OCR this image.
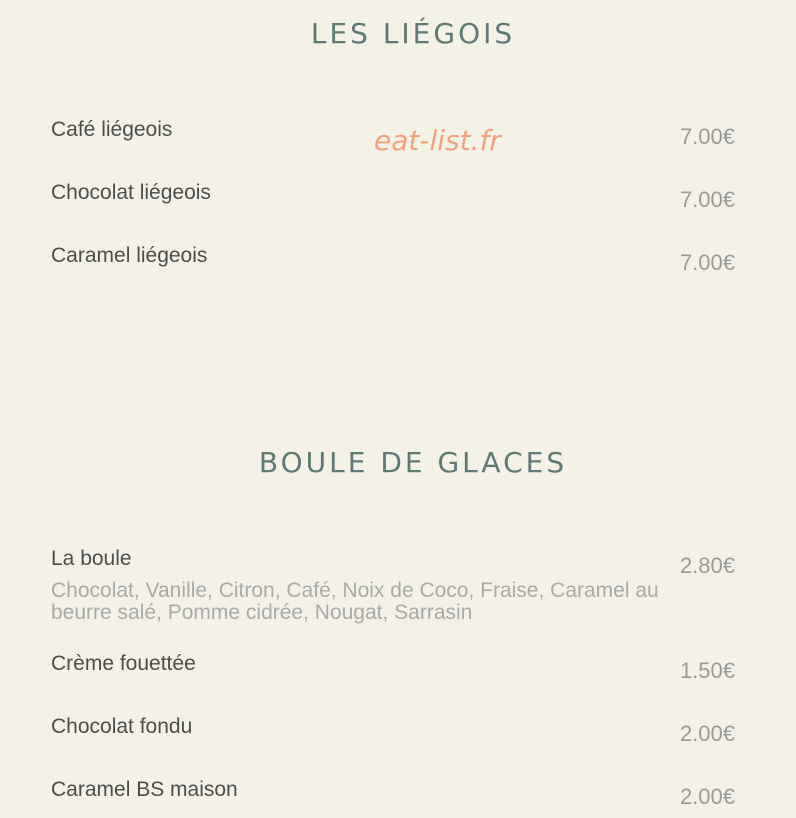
LES LIÉGOIS
eat-list.fr
Café liégeois	7.00€
Chocolat liégeois	7.00€
Caramel liégeois	7.00€
BOULE DE GLACES
La boule	2.80€
Chocolat, Vanille, Citron, Café, Noix de Coco, Fraise, Caramel au beurre salé, Pomme cidrée, Nougat, Sarrasin
Crème fouettée	1.50€
Chocolat fondu	2.00€
Caramel BS maison	2.00€
